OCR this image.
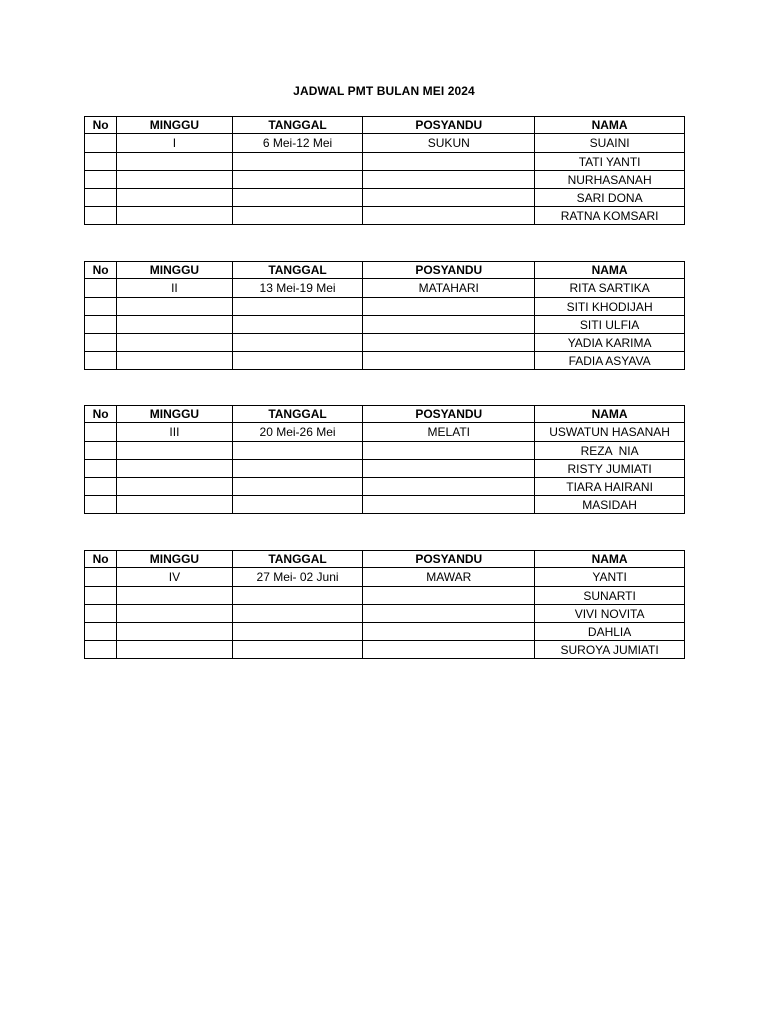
JADWAL PMT BULAN MEI 2024
No	MINGGU	TANGGAL	POSYANDU	NAMA
	I	6 Mei-12 Mei	SUKUN	SUAINI
				TATI YANTI
				NURHASANAH
				SARI DONA
				RATNA KOMSARI
No	MINGGU	TANGGAL	POSYANDU	NAMA
	II	13 Mei-19 Mei	MATAHARI	RITA SARTIKA
				SITI KHODIJAH
				SITI ULFIA
				YADIA KARIMA
				FADIA ASYAVA
No	MINGGU	TANGGAL	POSYANDU	NAMA
	III	20 Mei-26 Mei	MELATI	USWATUN HASANAH
				REZA  NIA
				RISTY JUMIATI
				TIARA HAIRANI
				MASIDAH
No	MINGGU	TANGGAL	POSYANDU	NAMA
	IV	27 Mei- 02 Juni	MAWAR	YANTI
				SUNARTI
				VIVI NOVITA
				DAHLIA
				SUROYA JUMIATI
